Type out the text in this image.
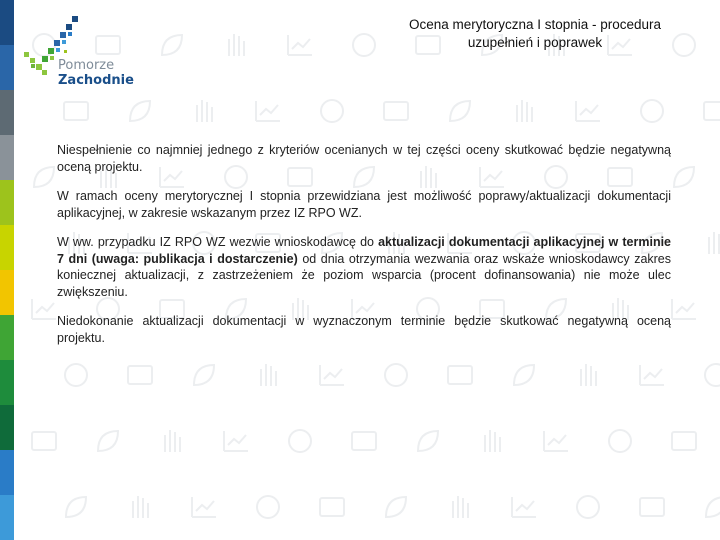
Pomorze
Zachodnie
Ocena merytoryczna I stopnia - procedura
uzupełnień i poprawek

Niespełnienie co najmniej jednego z kryteriów ocenianych w tej części oceny skutkować będzie negatywną oceną projektu.

W ramach oceny merytorycznej I stopnia przewidziana jest możliwość poprawy/aktualizacji dokumentacji aplikacyjnej, w zakresie wskazanym przez IZ RPO WZ.

W ww. przypadku IZ RPO WZ wezwie wnioskodawcę do aktualizacji dokumentacji aplikacyjnej w terminie 7 dni (uwaga: publikacja i dostarczenie) od dnia otrzymania wezwania oraz wskaże wnioskodawcy zakres koniecznej aktualizacji, z zastrzeżeniem że poziom wsparcia (procent dofinansowania) nie może ulec zwiększeniu.

Niedokonanie aktualizacji dokumentacji w wyznaczonym terminie będzie skutkować negatywną oceną projektu.
